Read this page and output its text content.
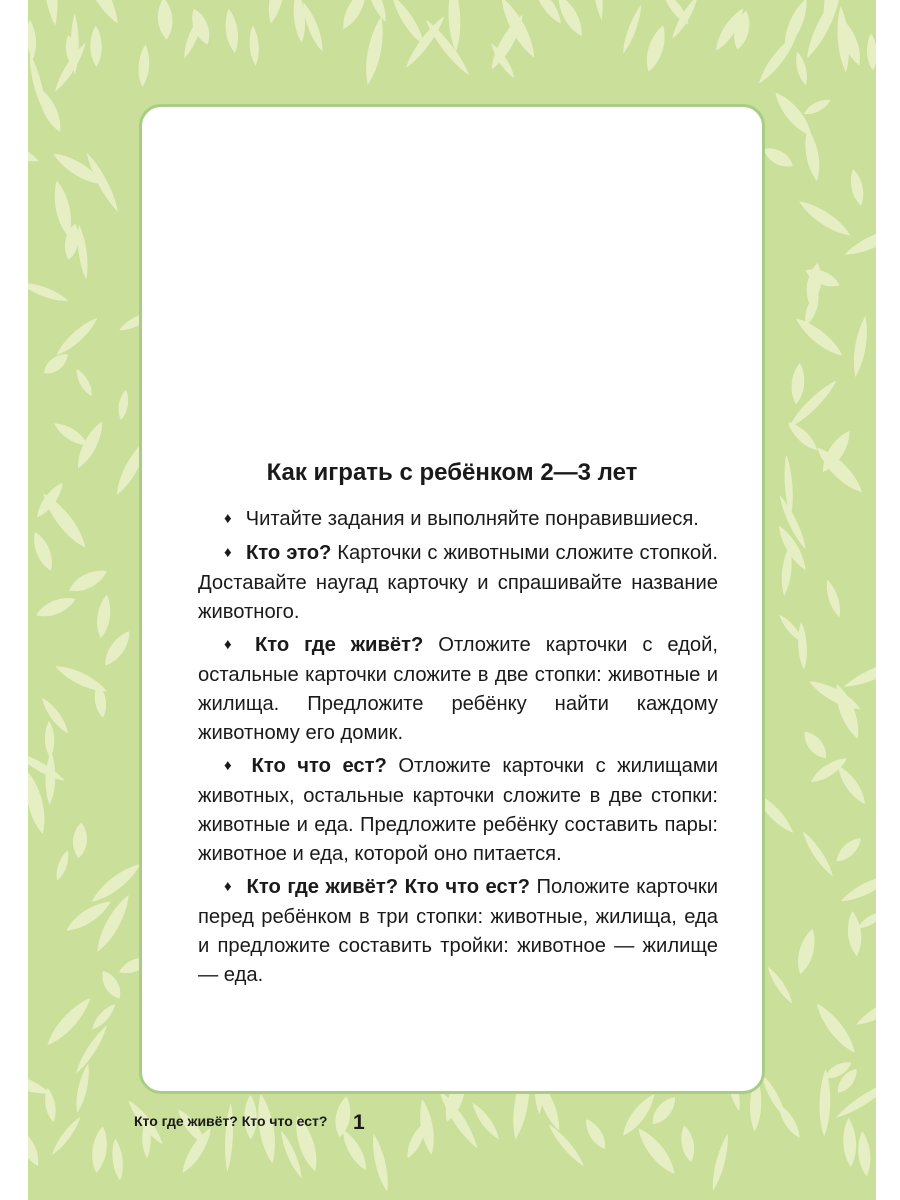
Как играть с ребёнком 2—3 лет

♦ Читайте задания и выполняйте понравившиеся.

♦ Кто это? Карточки с животными сложите стопкой. Доставайте наугад карточку и спрашивайте название животного.

♦ Кто где живёт? Отложите карточки с едой, остальные карточки сложите в две стопки: животные и жилища. Предложите ребёнку найти каждому животному его домик.

♦ Кто что ест? Отложите карточки с жилищами животных, остальные карточки сложите в две стопки: животные и еда. Предложите ребёнку составить пары: животное и еда, которой оно питается.

♦ Кто где живёт? Кто что ест? Положите карточки перед ребёнком в три стопки: животные, жилища, еда и предложите составить тройки: животное — жилище — еда.

Кто где живёт? Кто что ест? 1
